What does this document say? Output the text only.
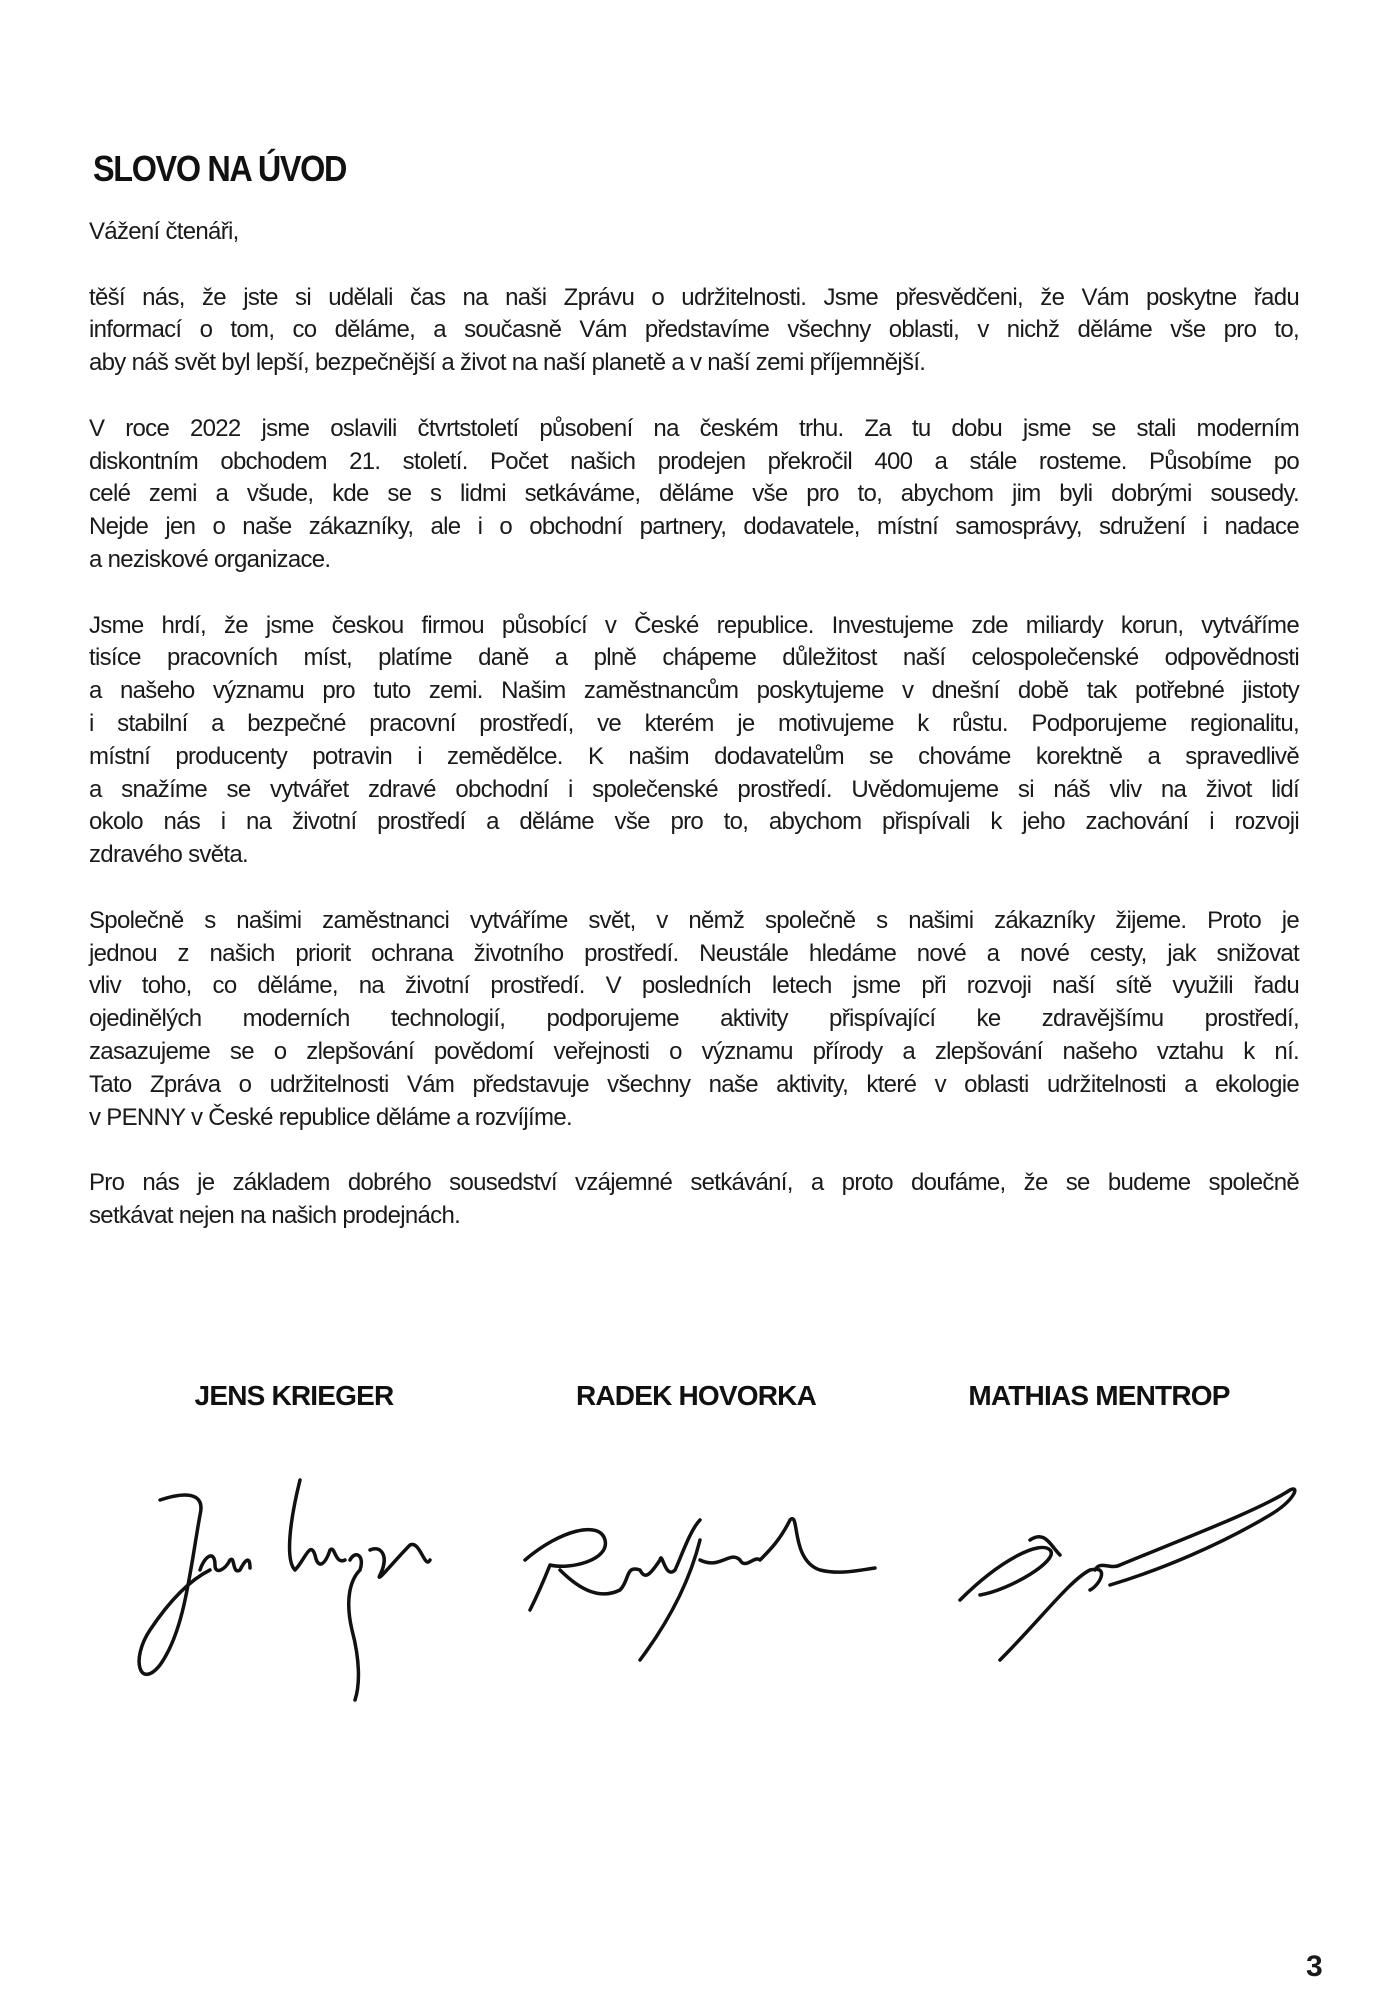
SLOVO NA ÚVOD
Vážení čtenáři,
těší nás, že jste si udělali čas na naši Zprávu o udržitelnosti. Jsme přesvědčeni, že Vám poskytne řadu
informací o tom, co děláme, a současně Vám představíme všechny oblasti, v nichž děláme vše pro to,
aby náš svět byl lepší, bezpečnější a život na naší planetě a v naší zemi příjemnější.
V roce 2022 jsme oslavili čtvrtstoletí působení na českém trhu. Za tu dobu jsme se stali moderním
diskontním obchodem 21. století. Počet našich prodejen překročil 400 a stále rosteme. Působíme po
celé zemi a všude, kde se s lidmi setkáváme, děláme vše pro to, abychom jim byli dobrými sousedy.
Nejde jen o naše zákazníky, ale i o obchodní partnery, dodavatele, místní samosprávy, sdružení i nadace
a neziskové organizace.
Jsme hrdí, že jsme českou firmou působící v České republice. Investujeme zde miliardy korun, vytváříme
tisíce pracovních míst, platíme daně a plně chápeme důležitost naší celospolečenské odpovědnosti
a našeho významu pro tuto zemi. Našim zaměstnancům poskytujeme v dnešní době tak potřebné jistoty
i stabilní a bezpečné pracovní prostředí, ve kterém je motivujeme k růstu. Podporujeme regionalitu,
místní producenty potravin i zemědělce. K našim dodavatelům se chováme korektně a spravedlivě
a snažíme se vytvářet zdravé obchodní i společenské prostředí. Uvědomujeme si náš vliv na život lidí
okolo nás i na životní prostředí a děláme vše pro to, abychom přispívali k jeho zachování i rozvoji
zdravého světa.
Společně s našimi zaměstnanci vytváříme svět, v němž společně s našimi zákazníky žijeme. Proto je
jednou z našich priorit ochrana životního prostředí. Neustále hledáme nové a nové cesty, jak snižovat
vliv toho, co děláme, na životní prostředí. V posledních letech jsme při rozvoji naší sítě využili řadu
ojedinělých moderních technologií, podporujeme aktivity přispívající ke zdravějšímu prostředí,
zasazujeme se o zlepšování povědomí veřejnosti o významu přírody a zlepšování našeho vztahu k ní.
Tato Zpráva o udržitelnosti Vám představuje všechny naše aktivity, které v oblasti udržitelnosti a ekologie
v PENNY v České republice děláme a rozvíjíme.
Pro nás je základem dobrého sousedství vzájemné setkávání, a proto doufáme, že se budeme společně
setkávat nejen na našich prodejnách.
JENS KRIEGER	RADEK HOVORKA	MATHIAS MENTROP
3
